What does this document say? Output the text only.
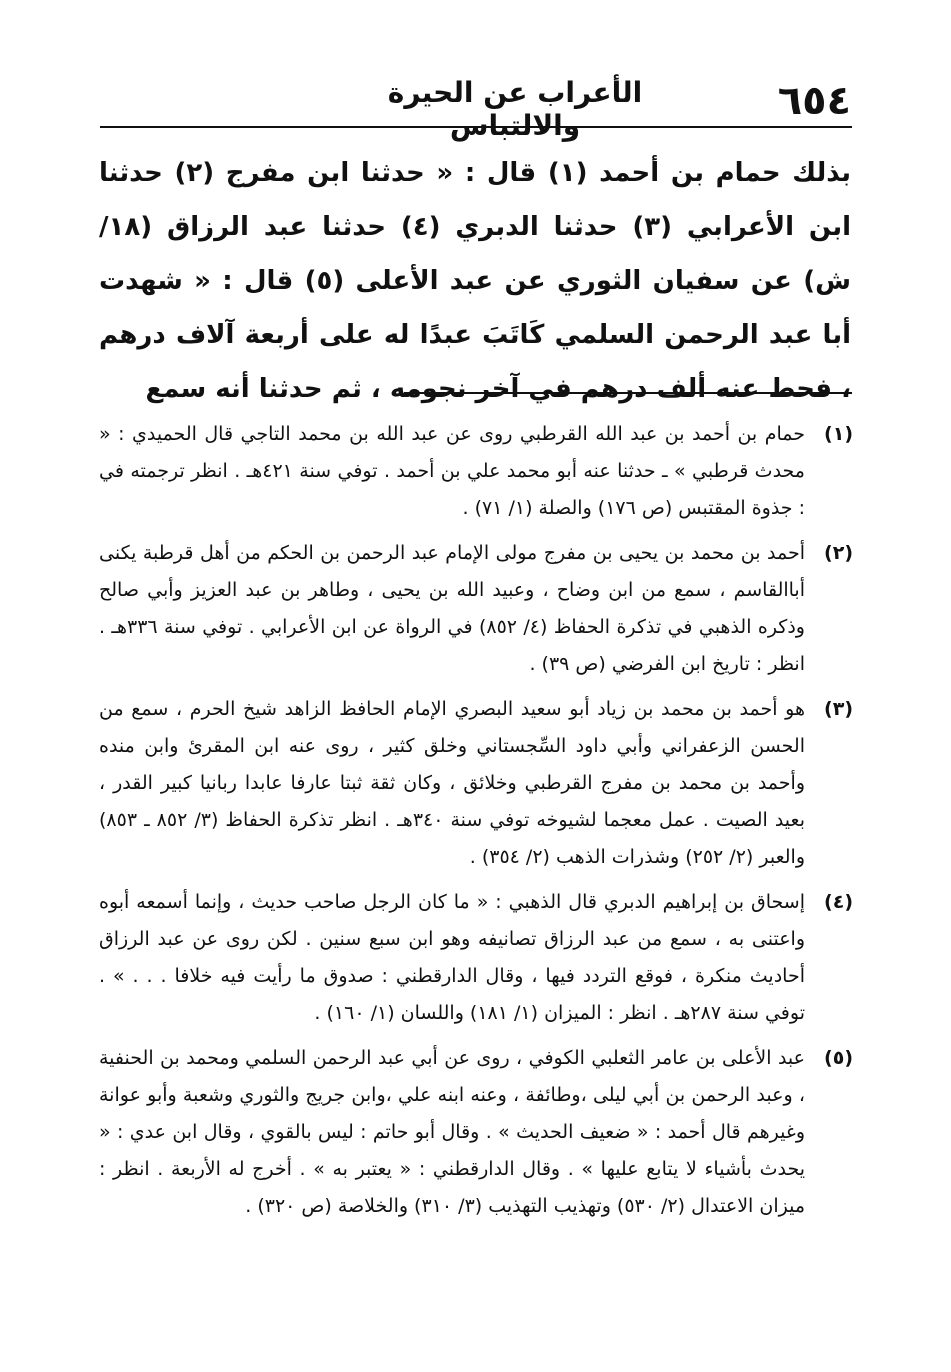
٦٥٤
الأعراب عن الحيرة والالتباس

بذلك حمام بن أحمد (١) قال : « حدثنا ابن مفرج (٢) حدثنا ابن الأعرابي (٣) حدثنا الدبري (٤) حدثنا عبد الرزاق (١٨/ ش) عن سفيان الثوري عن عبد الأعلى (٥) قال : « شهدت أبا عبد الرحمن السلمي كَاتَبَ عبدًا له على أربعة آلاف درهم ، فحط عنه ألف درهم في آخر نجومه ، ثم حدثنا أنه سمع

(١)

حمام بن أحمد بن عبد الله القرطبي روى عن عبد الله بن محمد التاجي قال الحميدي : « محدث قرطبي » ـ حدثنا عنه أبو محمد علي بن أحمد . توفي سنة ٤٢١هـ . انظر ترجمته في : جذوة المقتبس (ص ١٧٦) والصلة (١/ ٧١) .

(٢)

أحمد بن محمد بن يحيى بن مفرج مولى الإمام عبد الرحمن بن الحكم من أهل قرطبة يكنى أباالقاسم ، سمع من ابن وضاح ، وعبيد الله بن يحيى ، وطاهر بن عبد العزيز وأبي صالح وذكره الذهبي في تذكرة الحفاظ (٤/ ٨٥٢) في الرواة عن ابن الأعرابي . توفي سنة ٣٣٦هـ . انظر : تاريخ ابن الفرضي (ص ٣٩) .

(٣)

هو أحمد بن محمد بن زياد أبو سعيد البصري الإمام الحافظ الزاهد شيخ الحرم ، سمع من الحسن الزعفراني وأبي داود السِّجستاني وخلق كثير ، روى عنه ابن المقرئ وابن منده وأحمد بن محمد بن مفرج القرطبي وخلائق ، وكان ثقة ثبتا عارفا عابدا ربانيا كبير القدر ، بعيد الصيت . عمل معجما لشيوخه توفي سنة ٣٤٠هـ . انظر تذكرة الحفاظ (٣/ ٨٥٢ ـ ٨٥٣) والعبر (٢/ ٢٥٢) وشذرات الذهب (٢/ ٣٥٤) .

(٤)

إسحاق بن إبراهيم الدبري قال الذهبي : « ما كان الرجل صاحب حديث ، وإنما أسمعه أبوه واعتنى به ، سمع من عبد الرزاق تصانيفه وهو ابن سبع سنين . لكن روى عن عبد الرزاق أحاديث منكرة ، فوقع التردد فيها ، وقال الدارقطني : صدوق ما رأيت فيه خلافا . . . » . توفي سنة ٢٨٧هـ . انظر : الميزان (١/ ١٨١) واللسان (١/ ١٦٠) .

(٥)

عبد الأعلى بن عامر الثعلبي الكوفي ، روى عن أبي عبد الرحمن السلمي ومحمد بن الحنفية ، وعبد الرحمن بن أبي ليلى ،وطائفة ، وعنه ابنه علي ،وابن جريج والثوري وشعبة وأبو عوانة وغيرهم قال أحمد : « ضعيف الحديث » . وقال أبو حاتم : ليس بالقوي ، وقال ابن عدي : « يحدث بأشياء لا يتابع عليها » . وقال الدارقطني : « يعتبر به » . أخرج له الأربعة . انظر : ميزان الاعتدال (٢/ ٥٣٠) وتهذيب التهذيب (٣/ ٣١٠) والخلاصة (ص ٣٢٠) .
